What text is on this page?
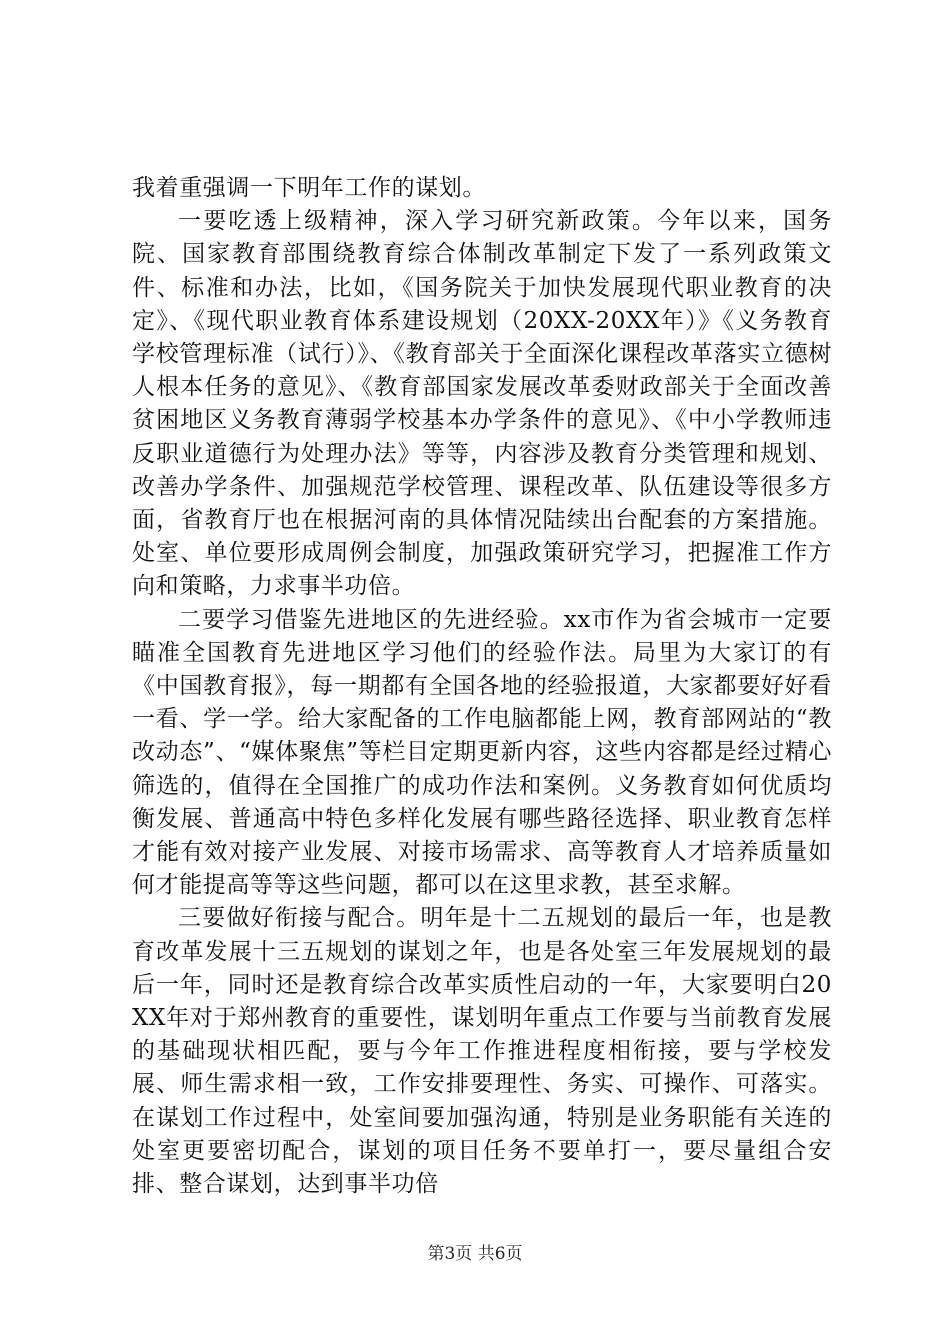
我着重强调一下明年工作的谋划。

一要吃透上级精神，深入学习研究新政策。今年以来，国务院、国家教育部围绕教育综合体制改革制定下发了一系列政策文件、标准和办法，比如，《国务院关于加快发展现代职业教育的决定》、《现代职业教育体系建设规划（20XX-20XX年）》《义务教育学校管理标准（试行）》、《教育部关于全面深化课程改革落实立德树人根本任务的意见》、《教育部国家发展改革委财政部关于全面改善贫困地区义务教育薄弱学校基本办学条件的意见》、《中小学教师违反职业道德行为处理办法》等等，内容涉及教育分类管理和规划、改善办学条件、加强规范学校管理、课程改革、队伍建设等很多方面，省教育厅也在根据河南的具体情况陆续出台配套的方案措施。处室、单位要形成周例会制度，加强政策研究学习，把握准工作方向和策略，力求事半功倍。

二要学习借鉴先进地区的先进经验。xx市作为省会城市一定要瞄准全国教育先进地区学习他们的经验作法。局里为大家订的有《中国教育报》，每一期都有全国各地的经验报道，大家都要好好看一看、学一学。给大家配备的工作电脑都能上网，教育部网站的“教改动态”、“媒体聚焦”等栏目定期更新内容，这些内容都是经过精心筛选的，值得在全国推广的成功作法和案例。义务教育如何优质均衡发展、普通高中特色多样化发展有哪些路径选择、职业教育怎样才能有效对接产业发展、对接市场需求、高等教育人才培养质量如何才能提高等等这些问题，都可以在这里求教，甚至求解。

三要做好衔接与配合。明年是十二五规划的最后一年，也是教育改革发展十三五规划的谋划之年，也是各处室三年发展规划的最后一年，同时还是教育综合改革实质性启动的一年，大家要明白20XX年对于郑州教育的重要性，谋划明年重点工作要与当前教育发展的基础现状相匹配，要与今年工作推进程度相衔接，要与学校发展、师生需求相一致，工作安排要理性、务实、可操作、可落实。在谋划工作过程中，处室间要加强沟通，特别是业务职能有关连的处室更要密切配合，谋划的项目任务不要单打一，要尽量组合安排、整合谋划，达到事半功倍

第3页 共6页
